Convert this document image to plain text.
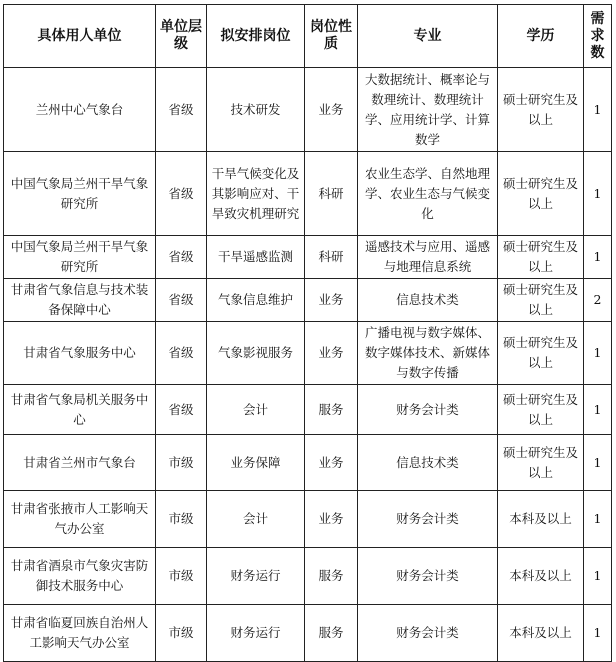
具体用人单位	单位层级	拟安排岗位	岗位性质	专业	学历	需求数
兰州中心气象台	省级	技术研发	业务	大数据统计、概率论与数理统计、数理统计学、应用统计学、计算数学	硕士研究生及以上	1
中国气象局兰州干旱气象研究所	省级	干旱气候变化及其影响应对、干旱致灾机理研究	科研	农业生态学、自然地理学、农业生态与气候变化	硕士研究生及以上	1
中国气象局兰州干旱气象研究所	省级	干旱遥感监测	科研	遥感技术与应用、遥感与地理信息系统	硕士研究生及以上	1
甘肃省气象信息与技术装备保障中心	省级	气象信息维护	业务	信息技术类	硕士研究生及以上	2
甘肃省气象服务中心	省级	气象影视服务	业务	广播电视与数字媒体、数字媒体技术、新媒体与数字传播	硕士研究生及以上	1
甘肃省气象局机关服务中心	省级	会计	服务	财务会计类	硕士研究生及以上	1
甘肃省兰州市气象台	市级	业务保障	业务	信息技术类	硕士研究生及以上	1
甘肃省张掖市人工影响天气办公室	市级	会计	业务	财务会计类	本科及以上	1
甘肃省酒泉市气象灾害防御技术服务中心	市级	财务运行	服务	财务会计类	本科及以上	1
甘肃省临夏回族自治州人工影响天气办公室	市级	财务运行	服务	财务会计类	本科及以上	1
